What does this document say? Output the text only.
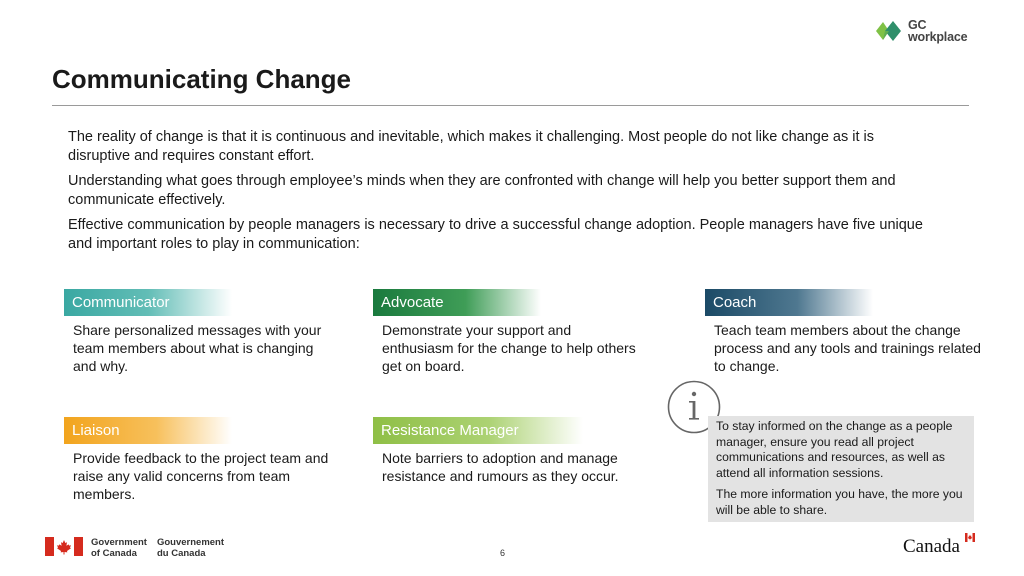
GC
workplace
Communicating Change

The reality of change is that it is continuous and inevitable, which makes it challenging. Most people do not like change as it is disruptive and requires constant effort.

Understanding what goes through employee’s minds when they are confronted with change will help you better support them and communicate effectively.

Effective communication by people managers is necessary to drive a successful change adoption. People managers have five unique and important roles to play in communication:

Communicator
Share personalized messages with your team members about what is changing and why.
Advocate
Demonstrate your support and enthusiasm for the change to help others get on board.
Coach
Teach team members about the change process and any tools and trainings related to change.
Liaison
Provide feedback to the project team and raise any valid concerns from team members.
Resistance Manager
Note barriers to adoption and manage resistance and rumours as they occur.

To stay informed on the change as a people manager, ensure you read all project communications and resources, as well as attend all information sessions.

The more information you have, the more you will be able to share.

Government
of Canada
Gouvernement
du Canada	6	Canada
